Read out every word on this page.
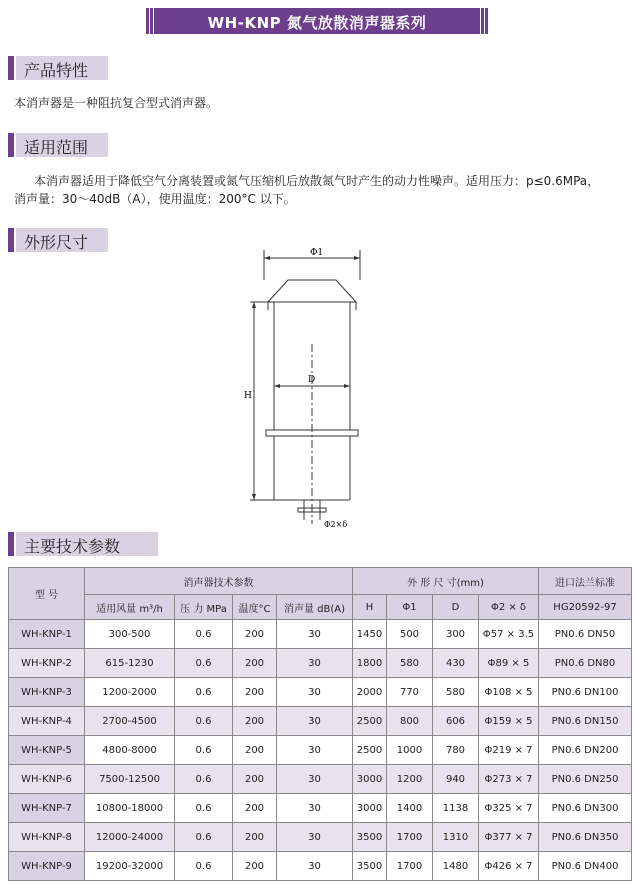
WH-KNP 氮气放散消声器系列
产品特性
本消声器是一种阻抗复合型式消声器。
适用范围
本消声器适用于降低空气分离装置或氮气压缩机后放散氮气时产生的动力性噪声。适用压力：p≤0.6MPa，
消声量：30～40dB（A），使用温度：200°C 以下。
外形尺寸
Φ1
D
H
Φ2×δ
主要技术参数
型 号	消声器技术参数				外 形 尺 寸(mm)				进口法兰标准
	适用风量 m³/h	压 力 MPa	温度°C	消声量 dB(A)	H	Φ1	D	Φ2 × δ	HG20592-97
WH-KNP-1	300-500	0.6	200	30	1450	500	300	Φ57 × 3.5	PN0.6 DN50
WH-KNP-2	615-1230	0.6	200	30	1800	580	430	Φ89 × 5	PN0.6 DN80
WH-KNP-3	1200-2000	0.6	200	30	2000	770	580	Φ108 × 5	PN0.6 DN100
WH-KNP-4	2700-4500	0.6	200	30	2500	800	606	Φ159 × 5	PN0.6 DN150
WH-KNP-5	4800-8000	0.6	200	30	2500	1000	780	Φ219 × 7	PN0.6 DN200
WH-KNP-6	7500-12500	0.6	200	30	3000	1200	940	Φ273 × 7	PN0.6 DN250
WH-KNP-7	10800-18000	0.6	200	30	3000	1400	1138	Φ325 × 7	PN0.6 DN300
WH-KNP-8	12000-24000	0.6	200	30	3500	1700	1310	Φ377 × 7	PN0.6 DN350
WH-KNP-9	19200-32000	0.6	200	30	3500	1700	1480	Φ426 × 7	PN0.6 DN400
